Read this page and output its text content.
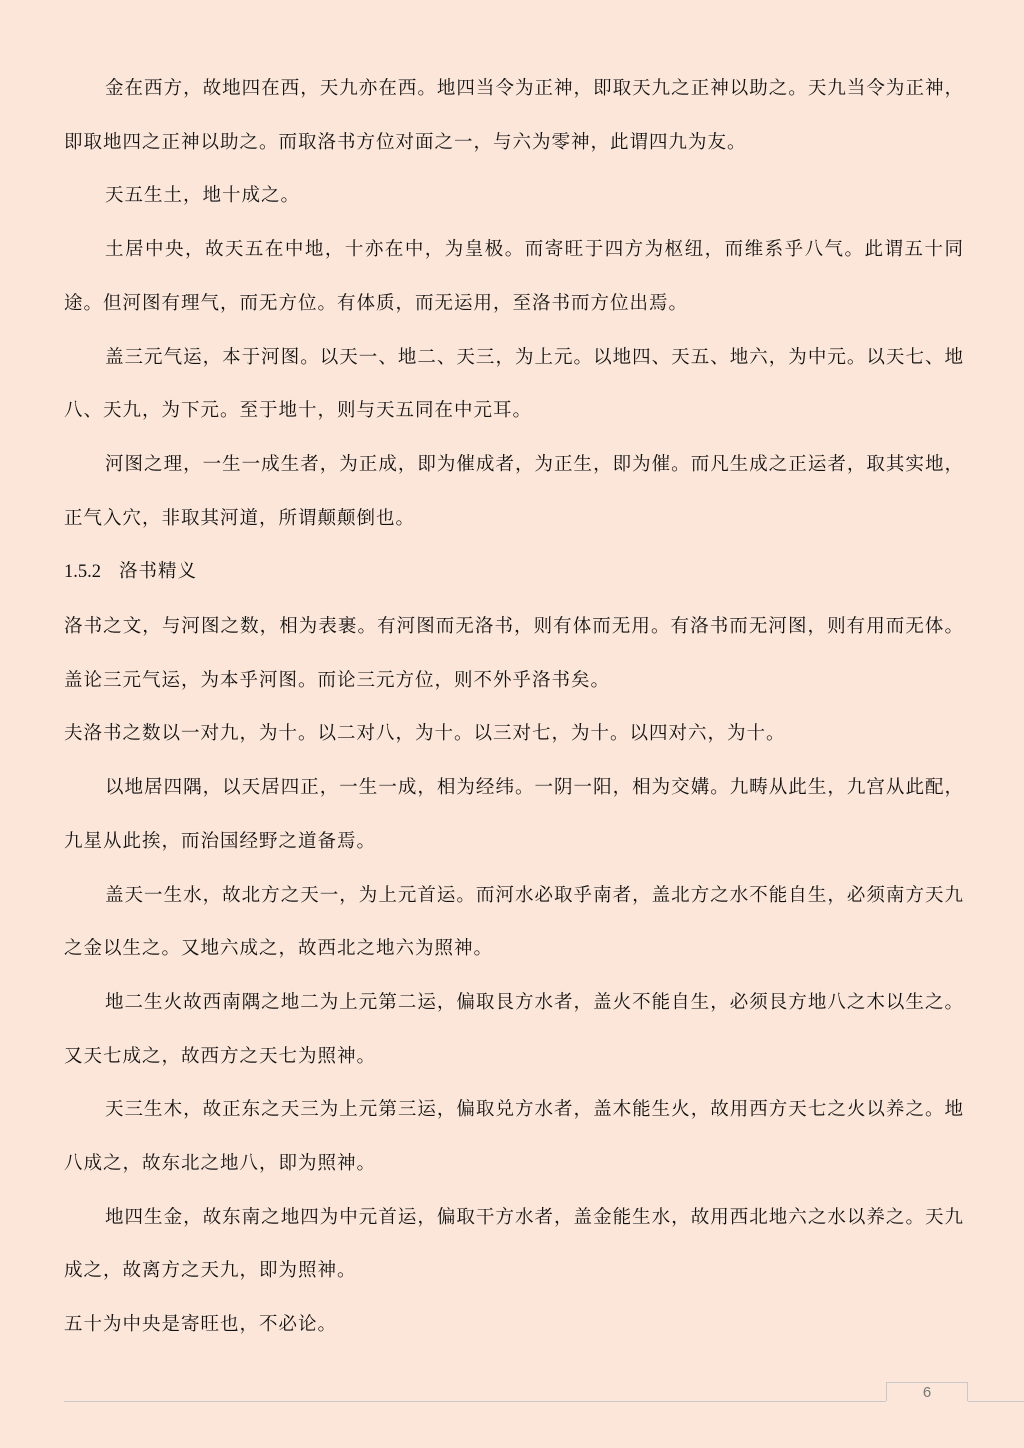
金在西方，故地四在西，天九亦在西。地四当令为正神，即取天九之正神以助之。天九当令为正神，即取地四之正神以助之。而取洛书方位对面之一，与六为零神，此谓四九为友。

天五生土，地十成之。

土居中央，故天五在中地，十亦在中，为皇极。而寄旺于四方为枢纽，而维系乎八气。此谓五十同途。但河图有理气，而无方位。有体质，而无运用，至洛书而方位出焉。

盖三元气运，本于河图。以天一、地二、天三，为上元。以地四、天五、地六，为中元。以天七、地八、天九，为下元。至于地十，则与天五同在中元耳。

河图之理，一生一成生者，为正成，即为催成者，为正生，即为催。而凡生成之正运者，取其实地，正气入穴，非取其河道，所谓颠颠倒也。

1.5.2 洛书精义

洛书之文，与河图之数，相为表裹。有河图而无洛书，则有体而无用。有洛书而无河图，则有用而无体。盖论三元气运，为本乎河图。而论三元方位，则不外乎洛书矣。

夫洛书之数以一对九，为十。以二对八，为十。以三对七，为十。以四对六，为十。

以地居四隅，以天居四正，一生一成，相为经纬。一阴一阳，相为交媾。九畴从此生，九宫从此配，九星从此挨，而治国经野之道备焉。

盖天一生水，故北方之天一，为上元首运。而河水必取乎南者，盖北方之水不能自生，必须南方天九之金以生之。又地六成之，故西北之地六为照神。

地二生火故西南隅之地二为上元第二运，偏取艮方水者，盖火不能自生，必须艮方地八之木以生之。又天七成之，故西方之天七为照神。

天三生木，故正东之天三为上元第三运，偏取兑方水者，盖木能生火，故用西方天七之火以养之。地八成之，故东北之地八，即为照神。

地四生金，故东南之地四为中元首运，偏取干方水者，盖金能生水，故用西北地六之水以养之。天九成之，故离方之天九，即为照神。

五十为中央是寄旺也，不必论。

6
